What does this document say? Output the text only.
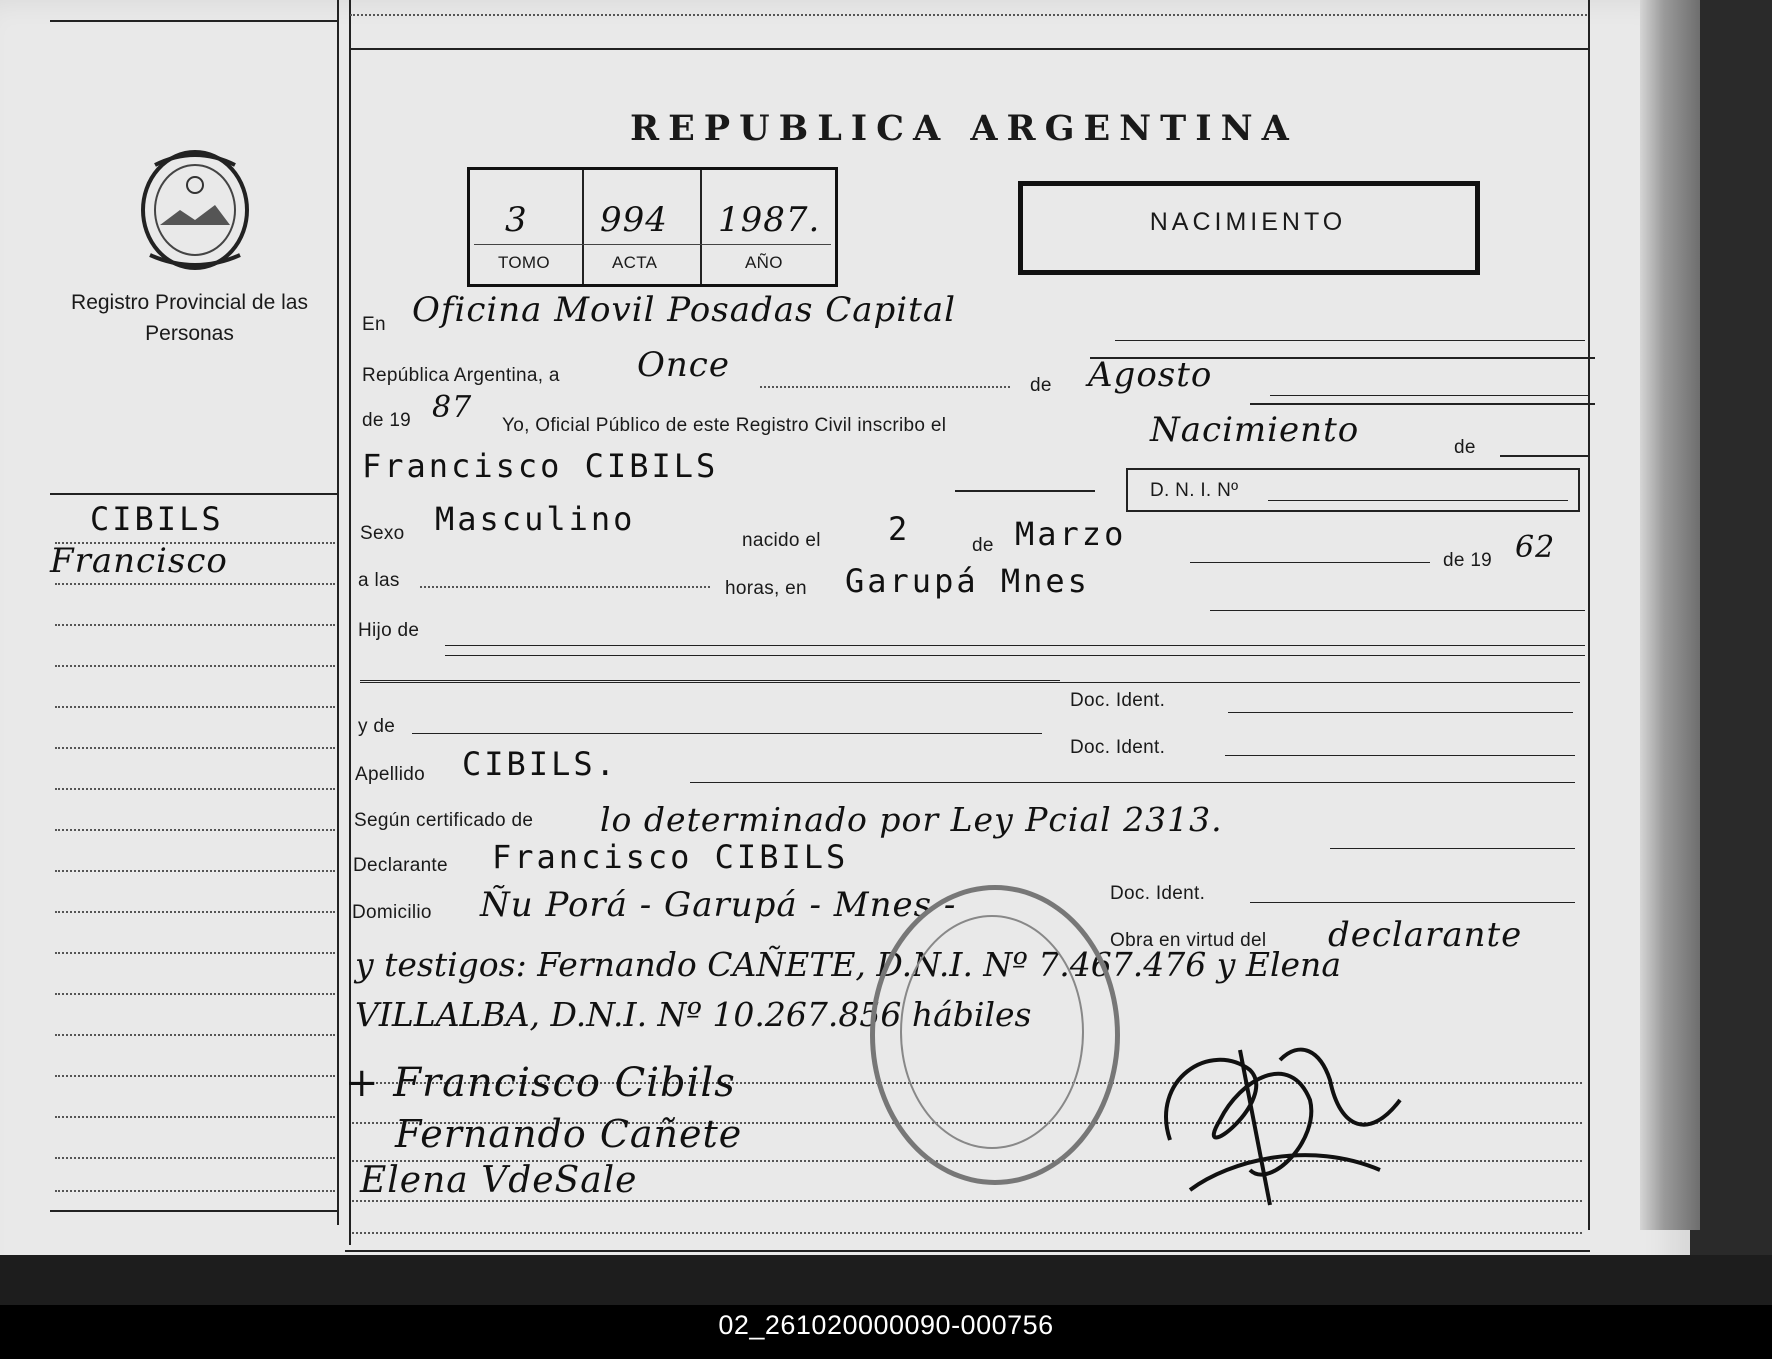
02_261020000090-000756
Registro Provincial de las Personas
REPUBLICA ARGENTINA
3 994 1987.
TOMO	ACTA	AÑO
NACIMIENTO
CIBILS
Francisco
En Oficina Movil Posadas Capital
República Argentina, a Once
de Agosto
de 19 87
Yo, Oficial Público de este Registro Civil inscribo el	Nacimiento	de
Francisco CIBILS
D. N. I. Nº
Sexo Masculino
nacido el 2	de Marzo
de 19 62
a las	horas, en Garupá Mnes
Hijo de
Doc. Ident.
y de
Doc. Ident.
Apellido CIBILS.
Según certificado de lo determinado por Ley Pcial 2313.
Declarante Francisco CIBILS
Doc. Ident.
Domicilio Ñu Porá - Garupá - Mnes -
Obra en virtud del declarante
y testigos: Fernando CAÑETE, D.N.I. Nº 7.467.476 y Elena
VILLALBA, D.N.I. Nº 10.267.856 hábiles
+ Francisco Cibils
Fernando Cañete
Elena VdeSale
